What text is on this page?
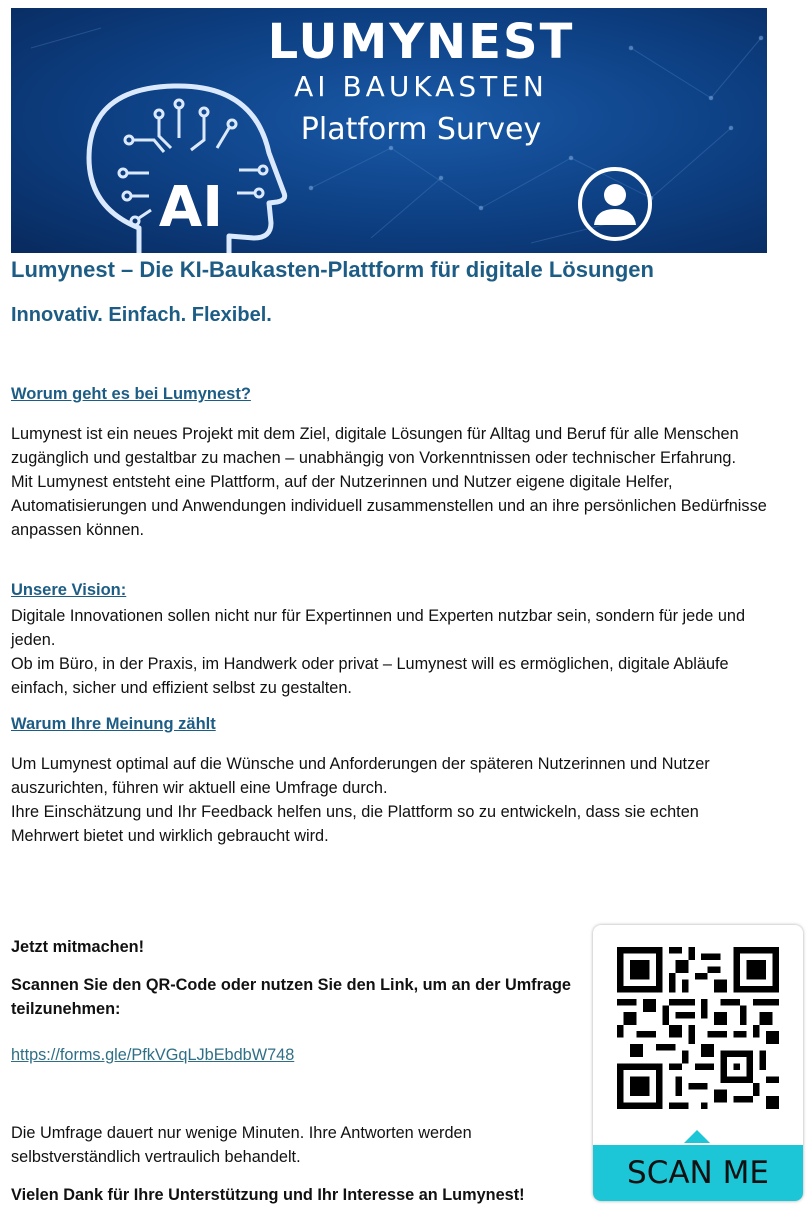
LUMYNEST
AI BAUKASTEN
Platform Survey
AI
Lumynest – Die KI-Baukasten-Plattform für digitale Lösungen
Innovativ. Einfach. Flexibel.
Worum geht es bei Lumynest?

Lumynest ist ein neues Projekt mit dem Ziel, digitale Lösungen für Alltag und Beruf für alle Menschen zugänglich und gestaltbar zu machen – unabhängig von Vorkenntnissen oder technischer Erfahrung.

Mit Lumynest entsteht eine Plattform, auf der Nutzerinnen und Nutzer eigene digitale Helfer, Automatisierungen und Anwendungen individuell zusammenstellen und an ihre persönlichen Bedürfnisse anpassen können.

Unsere Vision:

Digitale Innovationen sollen nicht nur für Expertinnen und Experten nutzbar sein, sondern für jede und jeden.

Ob im Büro, in der Praxis, im Handwerk oder privat – Lumynest will es ermöglichen, digitale Abläufe einfach, sicher und effizient selbst zu gestalten.

Warum Ihre Meinung zählt

Um Lumynest optimal auf die Wünsche und Anforderungen der späteren Nutzerinnen und Nutzer auszurichten, führen wir aktuell eine Umfrage durch.

Ihre Einschätzung und Ihr Feedback helfen uns, die Plattform so zu entwickeln, dass sie echten Mehrwert bietet und wirklich gebraucht wird.

Jetzt mitmachen!
Scannen Sie den QR-Code oder nutzen Sie den Link, um an der Umfrage teilzunehmen:
https://forms.gle/PfkVGqLJbEbdbW748
Die Umfrage dauert nur wenige Minuten. Ihre Antworten werden selbstverständlich vertraulich behandelt.
Vielen Dank für Ihre Unterstützung und Ihr Interesse an Lumynest!
SCAN ME
